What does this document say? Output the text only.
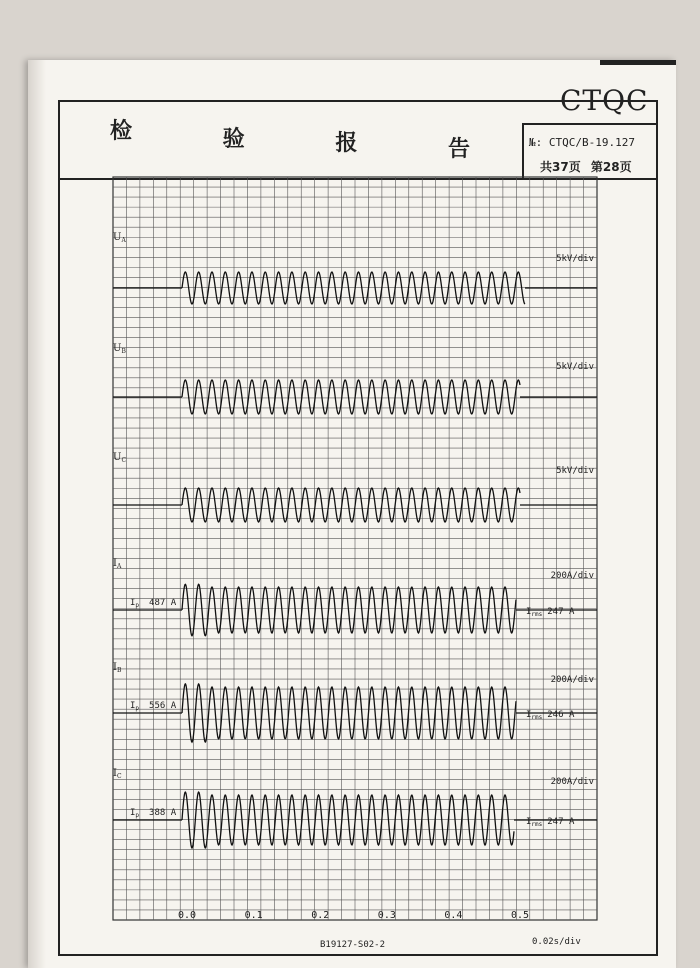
CTQC
检	验	报	告	№: CTQC/B-19.127
共37页 第28页
0.0	0.1	0.2	0.3	0.4	0.5
0.02s/div
$U_A$
5kV/div
$U_B$
5kV/div
$U_C$
5kV/div
$I_A$
200A/div
$I_p$ 487 A
$I_{rms}$ 247 A
$I_B$
200A/div
$I_p$ 556 A
$I_{rms}$ 246 A
$I_C$
200A/div
$I_p$ 388 A
$I_{rms}$ 247 A
B19127-S02-2
